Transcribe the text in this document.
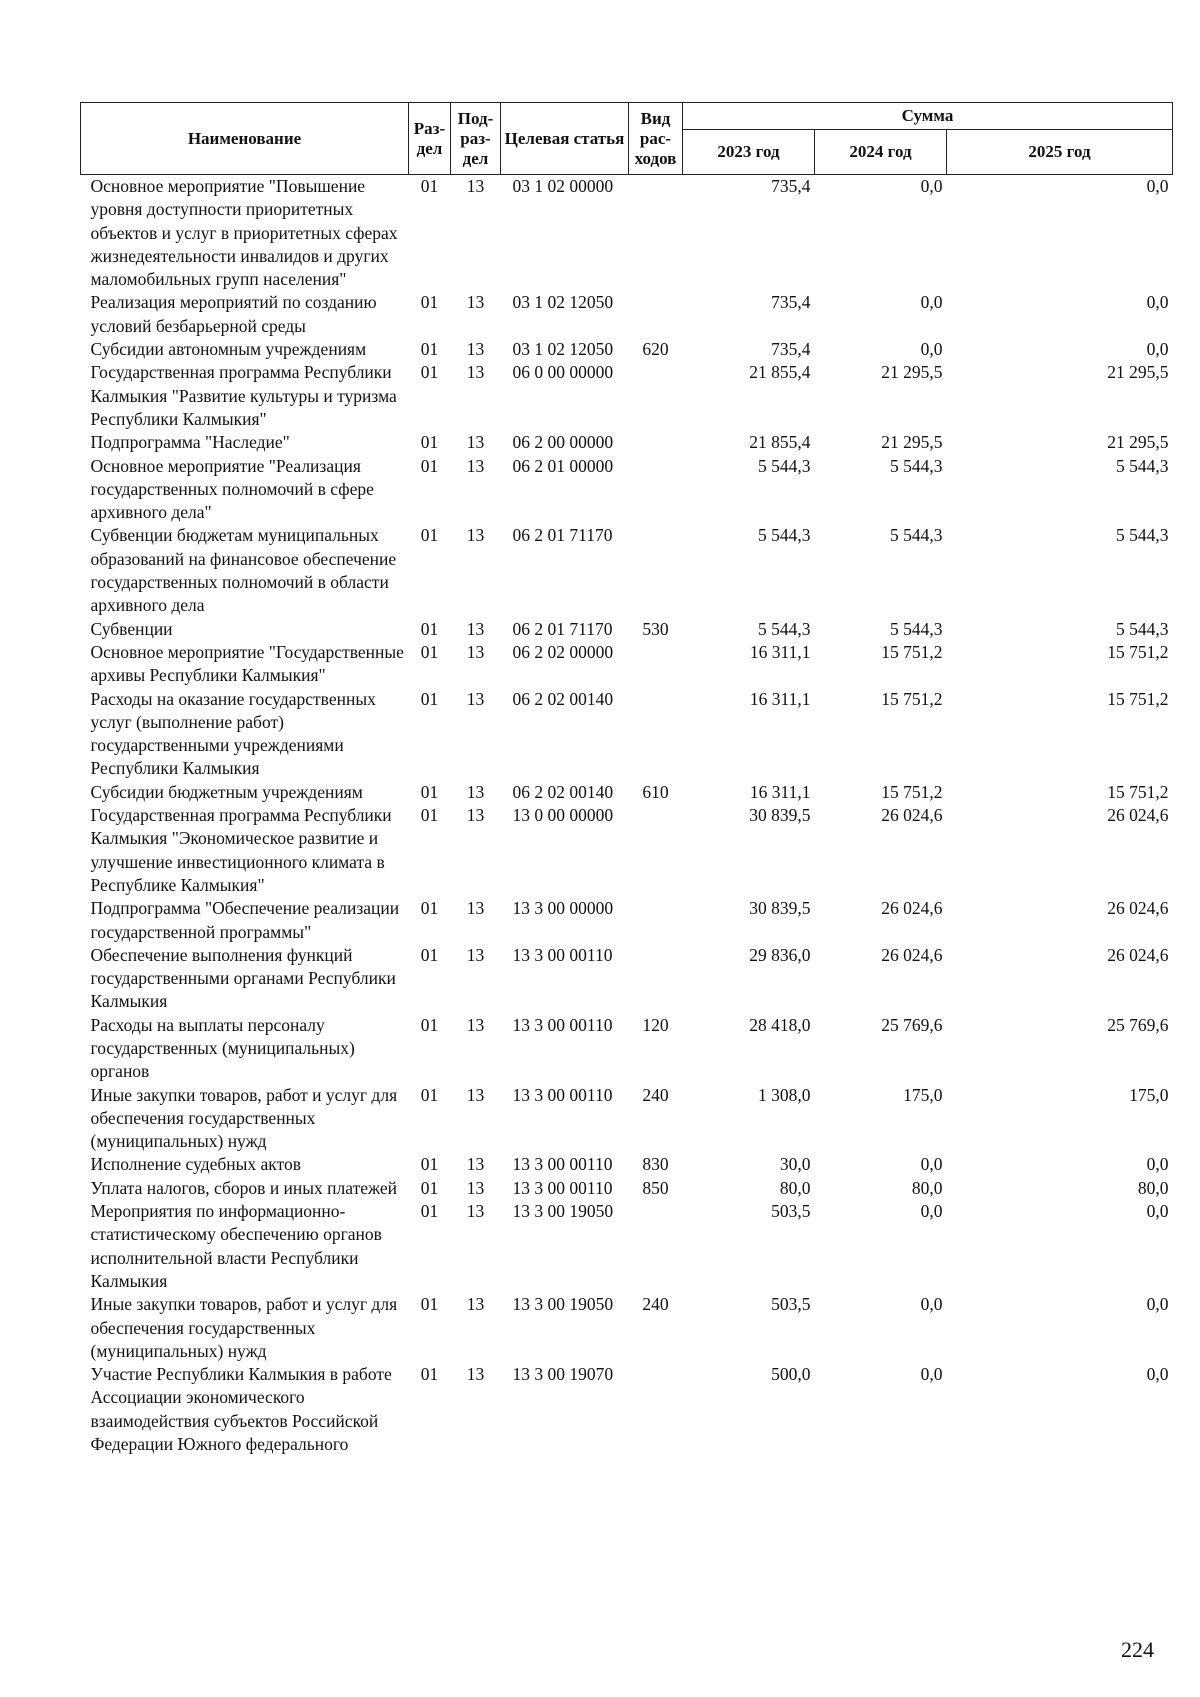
Наименование	Раз-дел	Под-раз-дел	Целевая статья	Вид рас-ходов	Сумма		
					2023 год	2024 год	2025 год
Основное мероприятие "Повышение уровня доступности приоритетных объектов и услуг в приоритетных сферах жизнедеятельности инвалидов и других маломобильных групп населения"	01	13	03 1 02 00000		735,4	0,0	0,0
Реализация мероприятий по созданию условий безбарьерной среды	01	13	03 1 02 12050		735,4	0,0	0,0
Субсидии автономным учреждениям	01	13	03 1 02 12050	620	735,4	0,0	0,0
Государственная программа Республики Калмыкия "Развитие культуры и туризма Республики Калмыкия"	01	13	06 0 00 00000		21 855,4	21 295,5	21 295,5
Подпрограмма "Наследие"	01	13	06 2 00 00000		21 855,4	21 295,5	21 295,5
Основное мероприятие "Реализация государственных полномочий в сфере архивного дела"	01	13	06 2 01 00000		5 544,3	5 544,3	5 544,3
Субвенции бюджетам муниципальных образований на финансовое обеспечение государственных полномочий в области архивного дела	01	13	06 2 01 71170		5 544,3	5 544,3	5 544,3
Субвенции	01	13	06 2 01 71170	530	5 544,3	5 544,3	5 544,3
Основное мероприятие "Государственные архивы Республики Калмыкия"	01	13	06 2 02 00000		16 311,1	15 751,2	15 751,2
Расходы на оказание государственных услуг (выполнение работ) государственными учреждениями Республики Калмыкия	01	13	06 2 02 00140		16 311,1	15 751,2	15 751,2
Субсидии бюджетным учреждениям	01	13	06 2 02 00140	610	16 311,1	15 751,2	15 751,2
Государственная программа Республики Калмыкия "Экономическое развитие и улучшение инвестиционного климата в Республике Калмыкия"	01	13	13 0 00 00000		30 839,5	26 024,6	26 024,6
Подпрограмма "Обеспечение реализации государственной программы"	01	13	13 3 00 00000		30 839,5	26 024,6	26 024,6
Обеспечение выполнения функций государственными органами Республики Калмыкия	01	13	13 3 00 00110		29 836,0	26 024,6	26 024,6
Расходы на выплаты персоналу государственных (муниципальных) органов	01	13	13 3 00 00110	120	28 418,0	25 769,6	25 769,6
Иные закупки товаров, работ и услуг для обеспечения государственных (муниципальных) нужд	01	13	13 3 00 00110	240	1 308,0	175,0	175,0
Исполнение судебных актов	01	13	13 3 00 00110	830	30,0	0,0	0,0
Уплата налогов, сборов и иных платежей	01	13	13 3 00 00110	850	80,0	80,0	80,0
Мероприятия по информационно-статистическому обеспечению органов исполнительной власти Республики Калмыкия	01	13	13 3 00 19050		503,5	0,0	0,0
Иные закупки товаров, работ и услуг для обеспечения государственных (муниципальных) нужд	01	13	13 3 00 19050	240	503,5	0,0	0,0
Участие Республики Калмыкия в работе Ассоциации экономического взаимодействия субъектов Российской Федерации Южного федерального	01	13	13 3 00 19070		500,0	0,0	0,0
224
